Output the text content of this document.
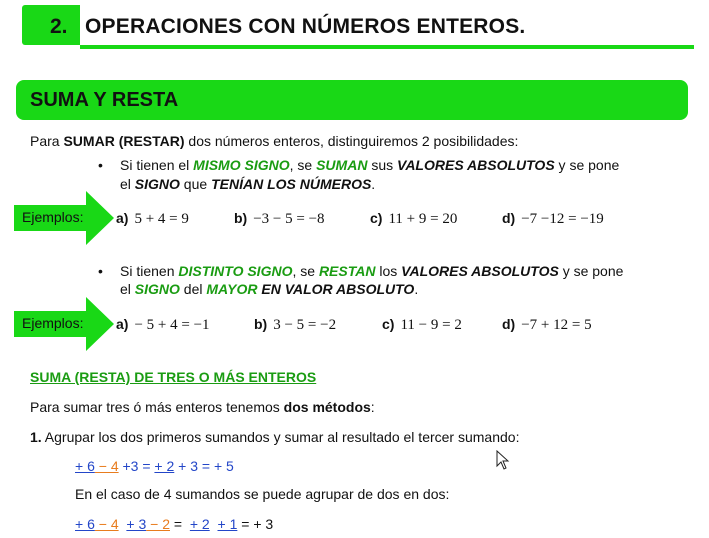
2. OPERACIONES CON NÚMEROS ENTEROS.
SUMA Y RESTA
Para SUMAR (RESTAR) dos números enteros, distinguiremos 2 posibilidades:
• Si tienen el MISMO SIGNO, se SUMAN sus VALORES ABSOLUTOS y se pone
el SIGNO que TENÍAN LOS NÚMEROS.
Ejemplos: a) 5 + 4 = 9	b) −3 − 5 = −8	c) 11 + 9 = 20	d) −7 −12 = −19
• Si tienen DISTINTO SIGNO, se RESTAN los VALORES ABSOLUTOS y se pone
el SIGNO del MAYOR EN VALOR ABSOLUTO.
Ejemplos: a) − 5 + 4 = −1	b) 3 − 5 = −2	c) 11 − 9 = 2	d) −7 + 12 = 5
SUMA (RESTA) DE TRES O MÁS ENTEROS
Para sumar tres ó más enteros tenemos dos métodos:
1. Agrupar los dos primeros sumandos y sumar al resultado el tercer sumando:
+ 6 − 4 +3 = + 2 + 3 = + 5
En el caso de 4 sumandos se puede agrupar de dos en dos:
+ 6 − 4 + 3 − 2 =  + 2 + 1 = + 3
